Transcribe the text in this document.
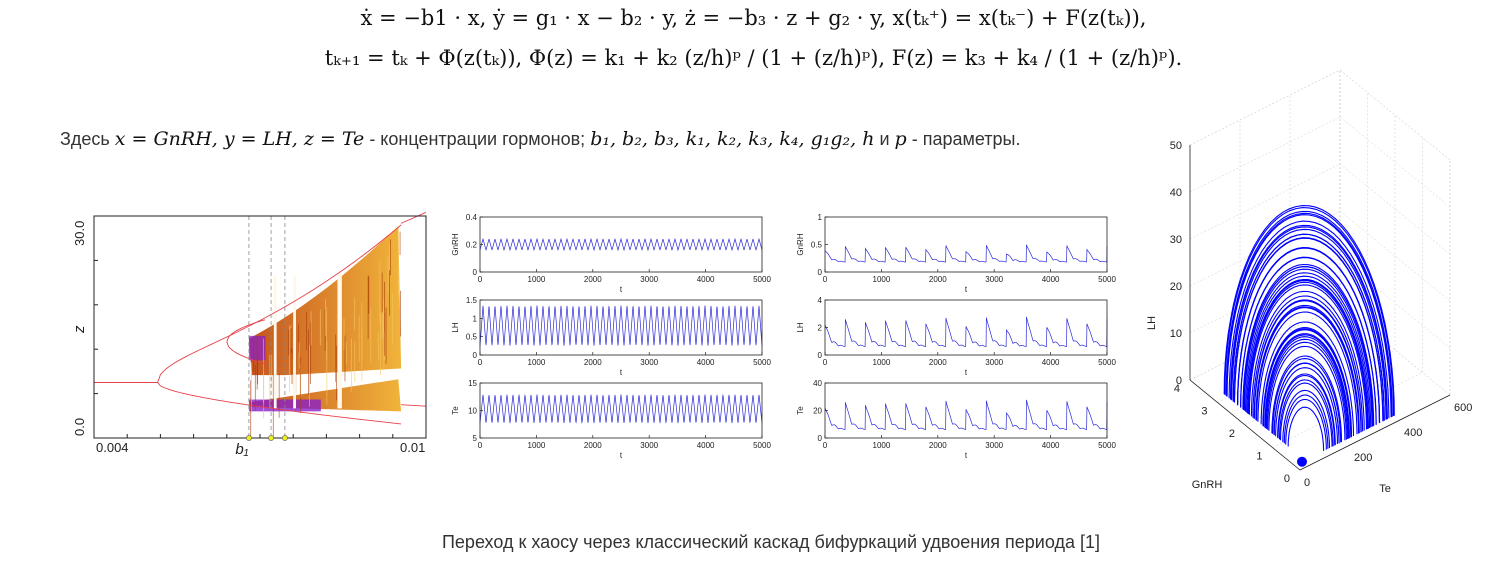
ẋ = −b1 · x, ẏ = g₁ · x − b₂ · y, ż = −b₃ · z + g₂ · y, x(tₖ⁺) = x(tₖ⁻) + F(z(tₖ)),
tₖ₊₁ = tₖ + Φ(z(tₖ)), Φ(z) = k₁ + k₂ (z/h)ᵖ / (1 + (z/h)ᵖ), F(z) = k₃ + k₄ / (1 + (z/h)ᵖ).
Здесь x = GnRH, y = LH, z = Te - концентрации гормонов; b₁, b₂, b₃, k₁, k₂, k₃, k₄, g₁g₂, h и p - параметры.
0.004	0.01
b₁
0.0
30.0
z
0	1000	2000	3000	4000	5000
t
0
0.2
0.4
GnRH
0	1000	2000	3000	4000	5000
t
0
0.5
1
1.5
LH
0	1000	2000	3000	4000	5000
t
5
10
15
Te
0	1000	2000	3000	4000	5000
t
0
0.5
1
GnRH
0	1000	2000	3000	4000	5000
t
0
2
4
LH
0	1000	2000	3000	4000	5000
t
0
20
40
Te
0
10
20
30
40
50
0
1
2
3
4
0
200
400
600
LH
GnRH	Te
Переход к хаосу через классический каскад бифуркаций удвоения периода [1]
